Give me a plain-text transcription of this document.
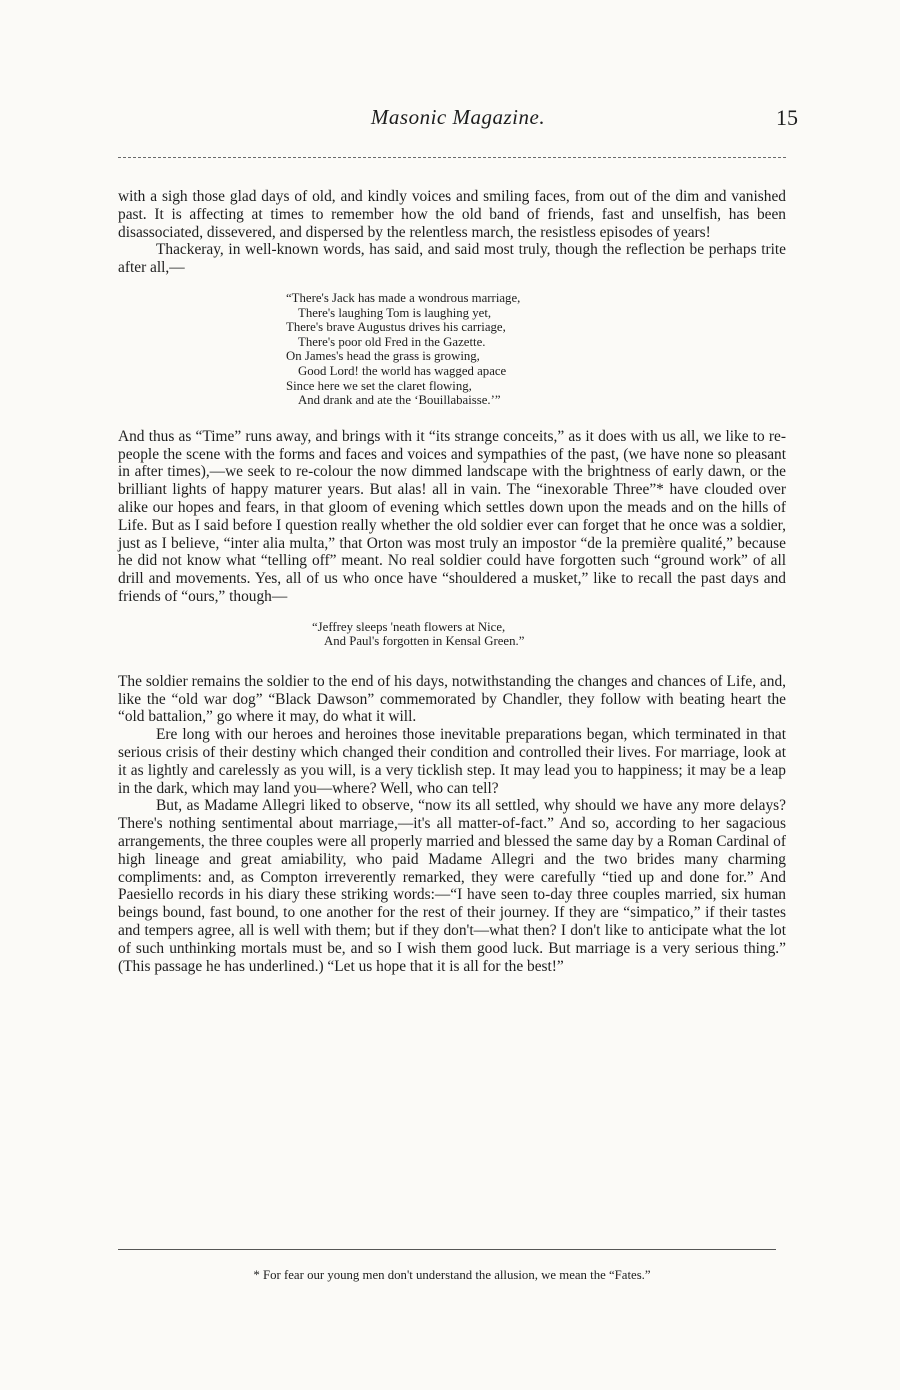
Masonic Magazine.	15

with a sigh those glad days of old, and kindly voices and smiling faces, from out of the dim and vanished past. It is affecting at times to remember how the old band of friends, fast and unselfish, has been disassociated, dissevered, and dispersed by the relentless march, the resistless episodes of years!

Thackeray, in well-known words, has said, and said most truly, though the reflection be perhaps trite after all,—

“There's Jack has made a wondrous marriage,
There's laughing Tom is laughing yet,
There's brave Augustus drives his carriage,
There's poor old Fred in the Gazette.
On James's head the grass is growing,
Good Lord! the world has wagged apace
Since here we set the claret flowing,
And drank and ate the ‘Bouillabaisse.’”

And thus as “Time” runs away, and brings with it “its strange conceits,” as it does with us all, we like to re-people the scene with the forms and faces and voices and sympathies of the past, (we have none so pleasant in after times),—we seek to re-colour the now dimmed landscape with the brightness of early dawn, or the brilliant lights of happy maturer years. But alas! all in vain. The “inexorable Three”* have clouded over alike our hopes and fears, in that gloom of evening which settles down upon the meads and on the hills of Life. But as I said before I question really whether the old soldier ever can forget that he once was a soldier, just as I believe, “inter alia multa,” that Orton was most truly an impostor “de la première qualité,” because he did not know what “telling off” meant. No real soldier could have forgotten such “ground work” of all drill and movements. Yes, all of us who once have “shouldered a musket,” like to recall the past days and friends of “ours,” though—

“Jeffrey sleeps 'neath flowers at Nice,
And Paul's forgotten in Kensal Green.”

The soldier remains the soldier to the end of his days, notwithstanding the changes and chances of Life, and, like the “old war dog” “Black Dawson” commemorated by Chandler, they follow with beating heart the “old battalion,” go where it may, do what it will.

Ere long with our heroes and heroines those inevitable preparations began, which terminated in that serious crisis of their destiny which changed their condition and controlled their lives. For marriage, look at it as lightly and carelessly as you will, is a very ticklish step. It may lead you to happiness; it may be a leap in the dark, which may land you—where? Well, who can tell?

But, as Madame Allegri liked to observe, “now its all settled, why should we have any more delays? There's nothing sentimental about marriage,—it's all matter-of-fact.” And so, according to her sagacious arrangements, the three couples were all properly married and blessed the same day by a Roman Cardinal of high lineage and great amiability, who paid Madame Allegri and the two brides many charming compliments: and, as Compton irreverently remarked, they were carefully “tied up and done for.” And Paesiello records in his diary these striking words:—“I have seen to-day three couples married, six human beings bound, fast bound, to one another for the rest of their journey. If they are “simpatico,” if their tastes and tempers agree, all is well with them; but if they don't—what then? I don't like to anticipate what the lot of such unthinking mortals must be, and so I wish them good luck. But marriage is a very serious thing.” (This passage he has underlined.) “Let us hope that it is all for the best!”

* For fear our young men don't understand the allusion, we mean the “Fates.”
